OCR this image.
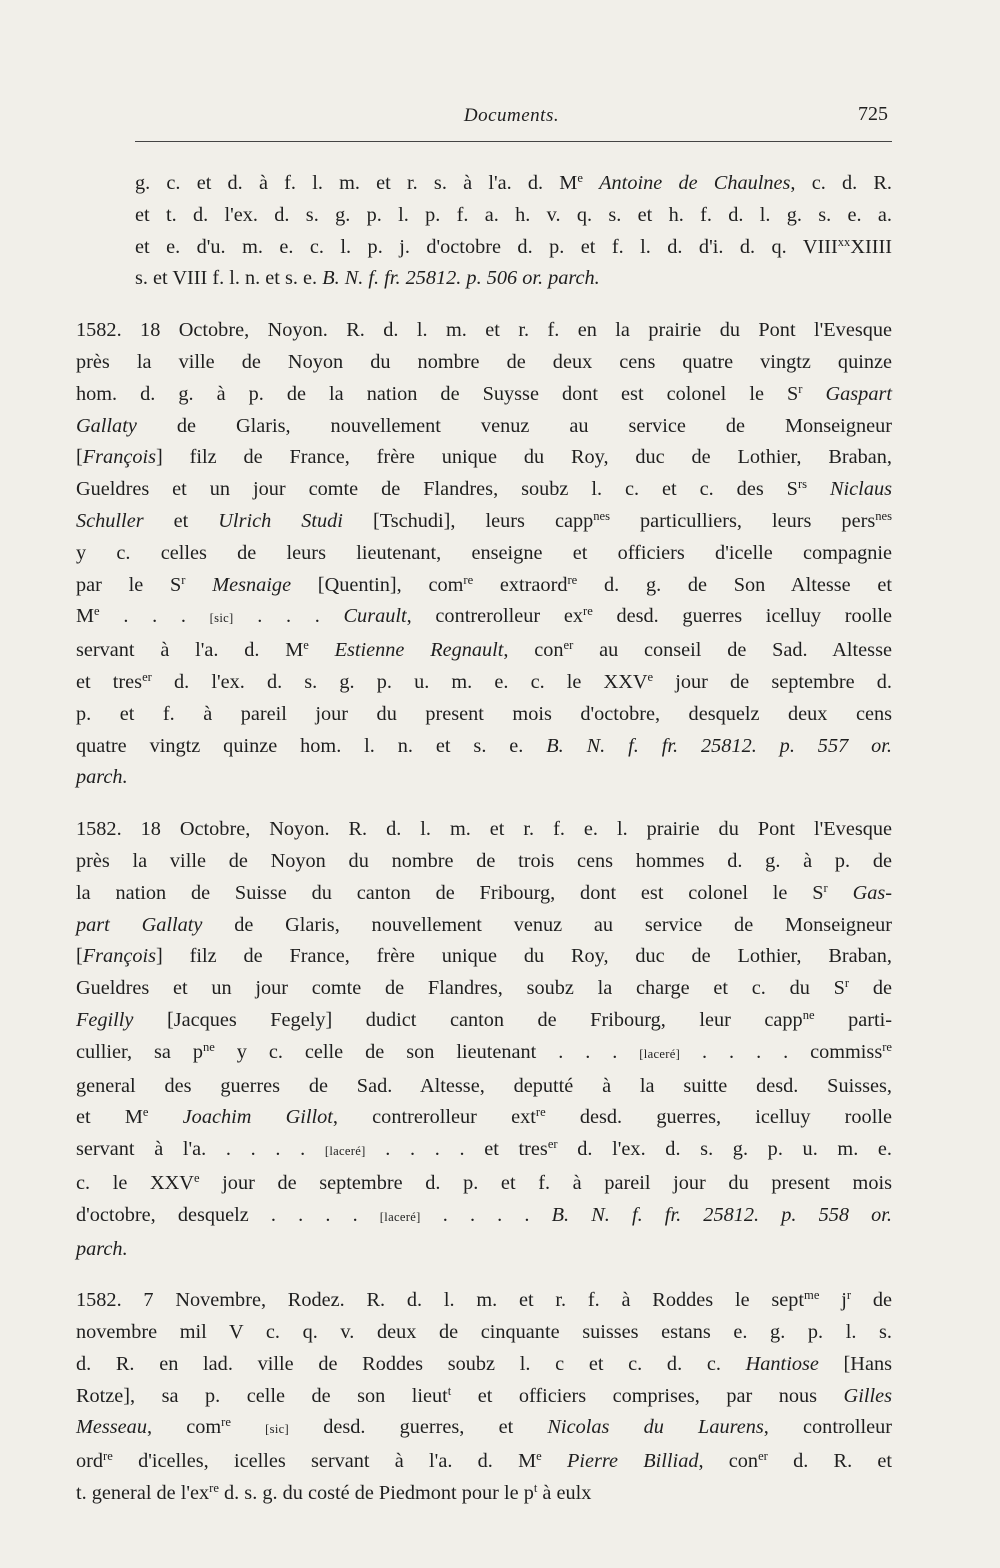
Documents.	725
g. c. et d. à f. l. m. et r. s. à l'a. d. Me Antoine de Chaulnes, c. d. R.
et t. d. l'ex. d. s. g. p. l. p. f. a. h. v. q. s. et h. f. d. l. g. s. e. a.
et e. d'u. m. e. c. l. p. j. d'octobre d. p. et f. l. d. d'i. d. q. VIII$^{xx}$XIIII
s. et VIII f. l. n. et s. e. B. N. f. fr. 25812. p. 506 or. parch.
1582. 18 Octobre, Noyon. R. d. l. m. et r. f. en la prairie du Pont l'Evesque
près la ville de Noyon du nombre de deux cens quatre vingtz quinze
hom. d. g. à p. de la nation de Suysse dont est colonel le $S^r$ Gaspart
Gallaty de Glaris, nouvellement venuz au service de Monseigneur
[François] filz de France, frère unique du Roy, duc de Lothier, Braban,
Gueldres et un jour comte de Flandres, soubz l. c. et c. des $S^{rs}$ Niclaus
Schuller et Ulrich Studi [Tschudi], leurs capp$^{nes}$ particulliers, leurs pers$^{nes}$
y c. celles de leurs lieutenant, enseigne et officiers d'icelle compagnie
par le $S^r$ Mesnaige [Quentin], com$^{re}$ extraord$^{re}$ d. g. de Son Altesse et
Me . . . [sic] . . . Curault, contrerolleur $ex^{re}$ desd. guerres icelluy roolle
servant à l'a. d. Me Estienne Regnault, con$^{er}$ au conseil de Sad. Altesse
et tres$^{er}$ d. l'ex. d. s. g. p. u. m. e. c. le XXVe jour de septembre d.
p. et f. à pareil jour du present mois d'octobre, desquelz deux cens
quatre vingtz quinze hom. l. n. et s. e. B. N. f. fr. 25812. p. 557 or.
parch.
1582. 18 Octobre, Noyon. R. d. l. m. et r. f. e. l. prairie du Pont l'Evesque
près la ville de Noyon du nombre de trois cens hommes d. g. à p. de
la nation de Suisse du canton de Fribourg, dont est colonel le $S^r$ Gas-
part Gallaty de Glaris, nouvellement venuz au service de Monseigneur
[François] filz de France, frère unique du Roy, duc de Lothier, Braban,
Gueldres et un jour comte de Flandres, soubz la charge et c. du $S^r$ de
Fegilly [Jacques Fegely] dudict canton de Fribourg, leur capp$^{ne}$ parti-
cullier, sa $p^{ne}$ y c. celle de son lieutenant . . . [laceré] . . . . commiss$^{re}$
general des guerres de Sad. Altesse, deputté à la suitte desd. Suisses,
et Me Joachim Gillot, contrerolleur ext$^{re}$ desd. guerres, icelluy roolle
servant à l'a. . . . . [laceré] . . . . et tres$^{er}$ d. l'ex. d. s. g. p. u. m. e.
c. le XXVe jour de septembre d. p. et f. à pareil jour du present mois
d'octobre, desquelz . . . . [laceré] . . . . B. N. f. fr. 25812. p. 558 or.
parch.
1582. 7 Novembre, Rodez. R. d. l. m. et r. f. à Roddes le sept$^{me}$ $j^r$ de
novembre mil V c. q. v. deux de cinquante suisses estans e. g. p. l. s.
d. R. en lad. ville de Roddes soubz l. c et c. d. c. Hantiose [Hans
Rotze], sa p. celle de son lieut$^t$ et officiers comprises, par nous Gilles
Messeau, com$^{re}$	[sic] desd. guerres, et Nicolas du Laurens, controlleur
ord$^{re}$ d'icelles, icelles servant à l'a. d. Me Pierre Billiad, con$^{er}$ d. R. et
t. general de $l'ex^{re}$ d. s. g. du costé de Piedmont pour le $p^t$ à eulx
